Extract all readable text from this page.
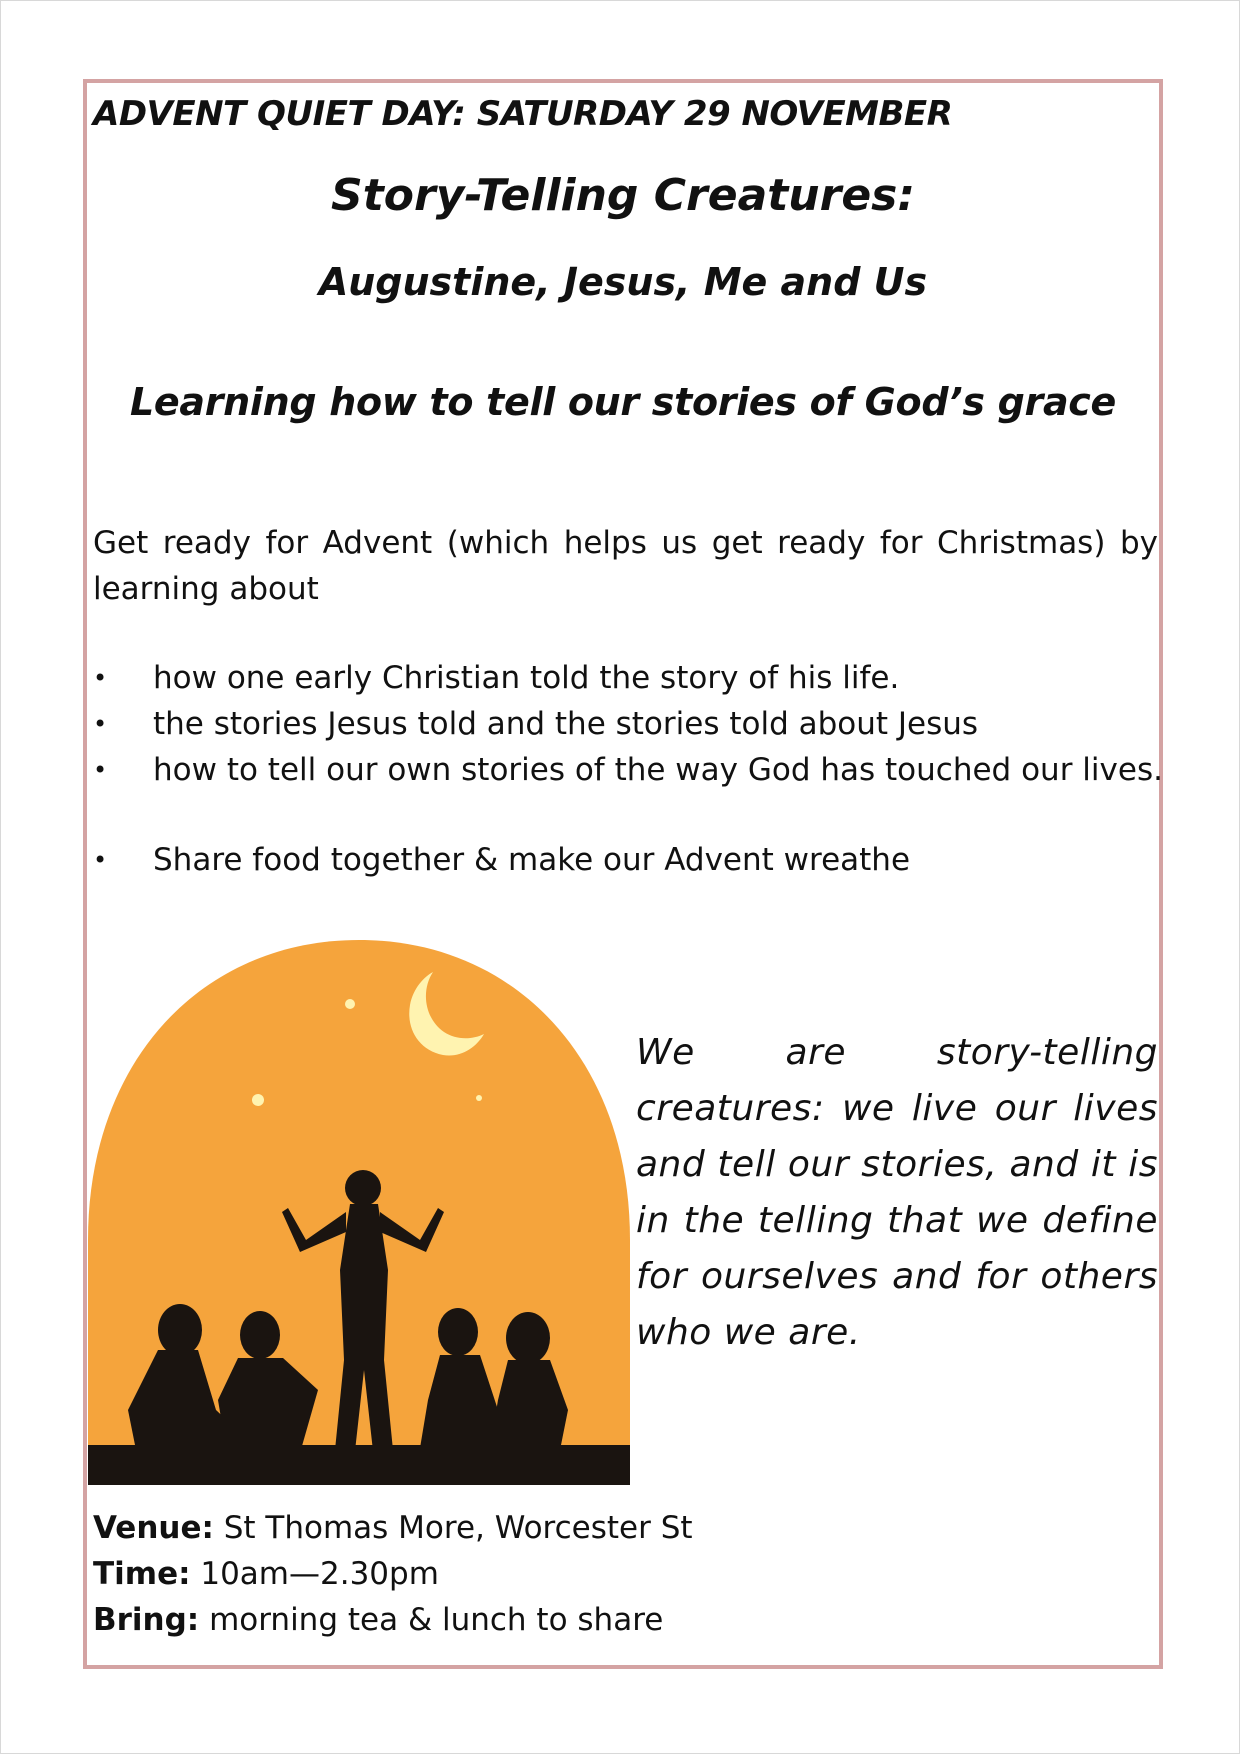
ADVENT QUIET DAY: SATURDAY 29 NOVEMBER

Story-Telling Creatures:

Augustine, Jesus, Me and Us

Learning how to tell our stories of God’s grace

Get ready for Advent (which helps us get ready for Christmas) by learning about

• how one early Christian told the story of his life.
• the stories Jesus told and the stories told about Jesus
• how to tell our own stories of the way God has touched our lives.
• Share food together & make our Advent wreathe

We are story-telling creatures: we live our lives and tell our stories, and it is in the telling that we define for ourselves and for others who we are.

Venue: St Thomas More, Worcester St
Time: 10am—2.30pm
Bring: morning tea & lunch to share
